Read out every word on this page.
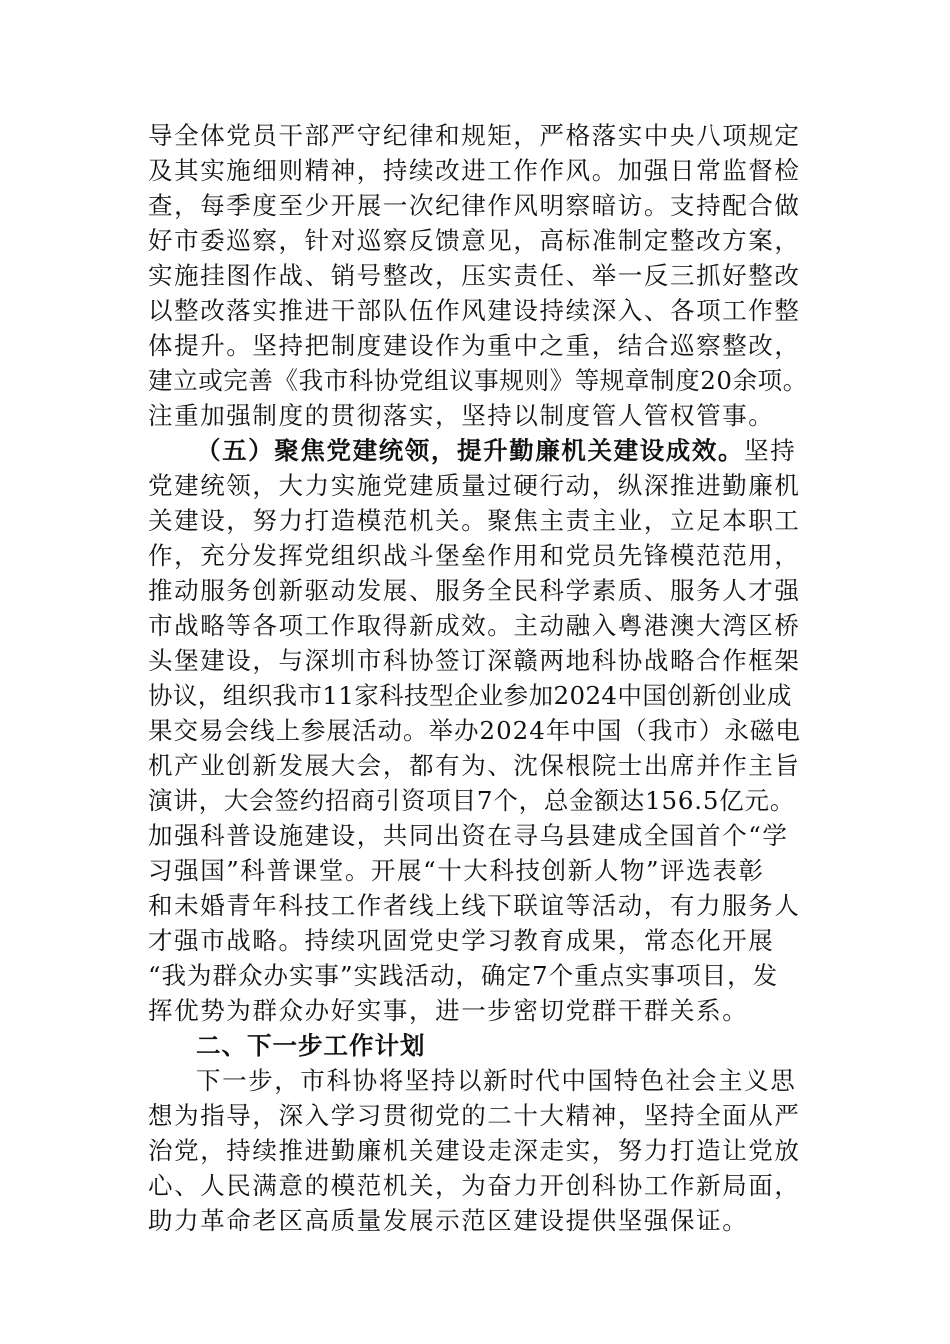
导全体党员干部严守纪律和规矩，严格落实中央八项规定
及其实施细则精神，持续改进工作作风。加强日常监督检
查，每季度至少开展一次纪律作风明察暗访。支持配合做
好市委巡察，针对巡察反馈意见，高标准制定整改方案，
实施挂图作战、销号整改，压实责任、举一反三抓好整改
以整改落实推进干部队伍作风建设持续深入、各项工作整
体提升。坚持把制度建设作为重中之重，结合巡察整改，
建立或完善《我市科协党组议事规则》等规章制度20余项。
注重加强制度的贯彻落实，坚持以制度管人管权管事。
（五）聚焦党建统领，提升勤廉机关建设成效。坚持
党建统领，大力实施党建质量过硬行动，纵深推进勤廉机
关建设，努力打造模范机关。聚焦主责主业，立足本职工
作，充分发挥党组织战斗堡垒作用和党员先锋模范范用，
推动服务创新驱动发展、服务全民科学素质、服务人才强
市战略等各项工作取得新成效。主动融入粤港澳大湾区桥
头堡建设，与深圳市科协签订深赣两地科协战略合作框架
协议，组织我市11家科技型企业参加2024中国创新创业成
果交易会线上参展活动。举办2024年中国（我市）永磁电
机产业创新发展大会，都有为、沈保根院士出席并作主旨
演讲，大会签约招商引资项目7个，总金额达156.5亿元。
加强科普设施建设，共同出资在寻乌县建成全国首个“学
习强国”科普课堂。开展“十大科技创新人物”评选表彰
和未婚青年科技工作者线上线下联谊等活动，有力服务人
才强市战略。持续巩固党史学习教育成果，常态化开展
“我为群众办实事”实践活动，确定7个重点实事项目，发
挥优势为群众办好实事，进一步密切党群干群关系。
二、下一步工作计划
下一步，市科协将坚持以新时代中国特色社会主义思
想为指导，深入学习贯彻党的二十大精神，坚持全面从严
治党，持续推进勤廉机关建设走深走实，努力打造让党放
心、人民满意的模范机关，为奋力开创科协工作新局面，
助力革命老区高质量发展示范区建设提供坚强保证。
